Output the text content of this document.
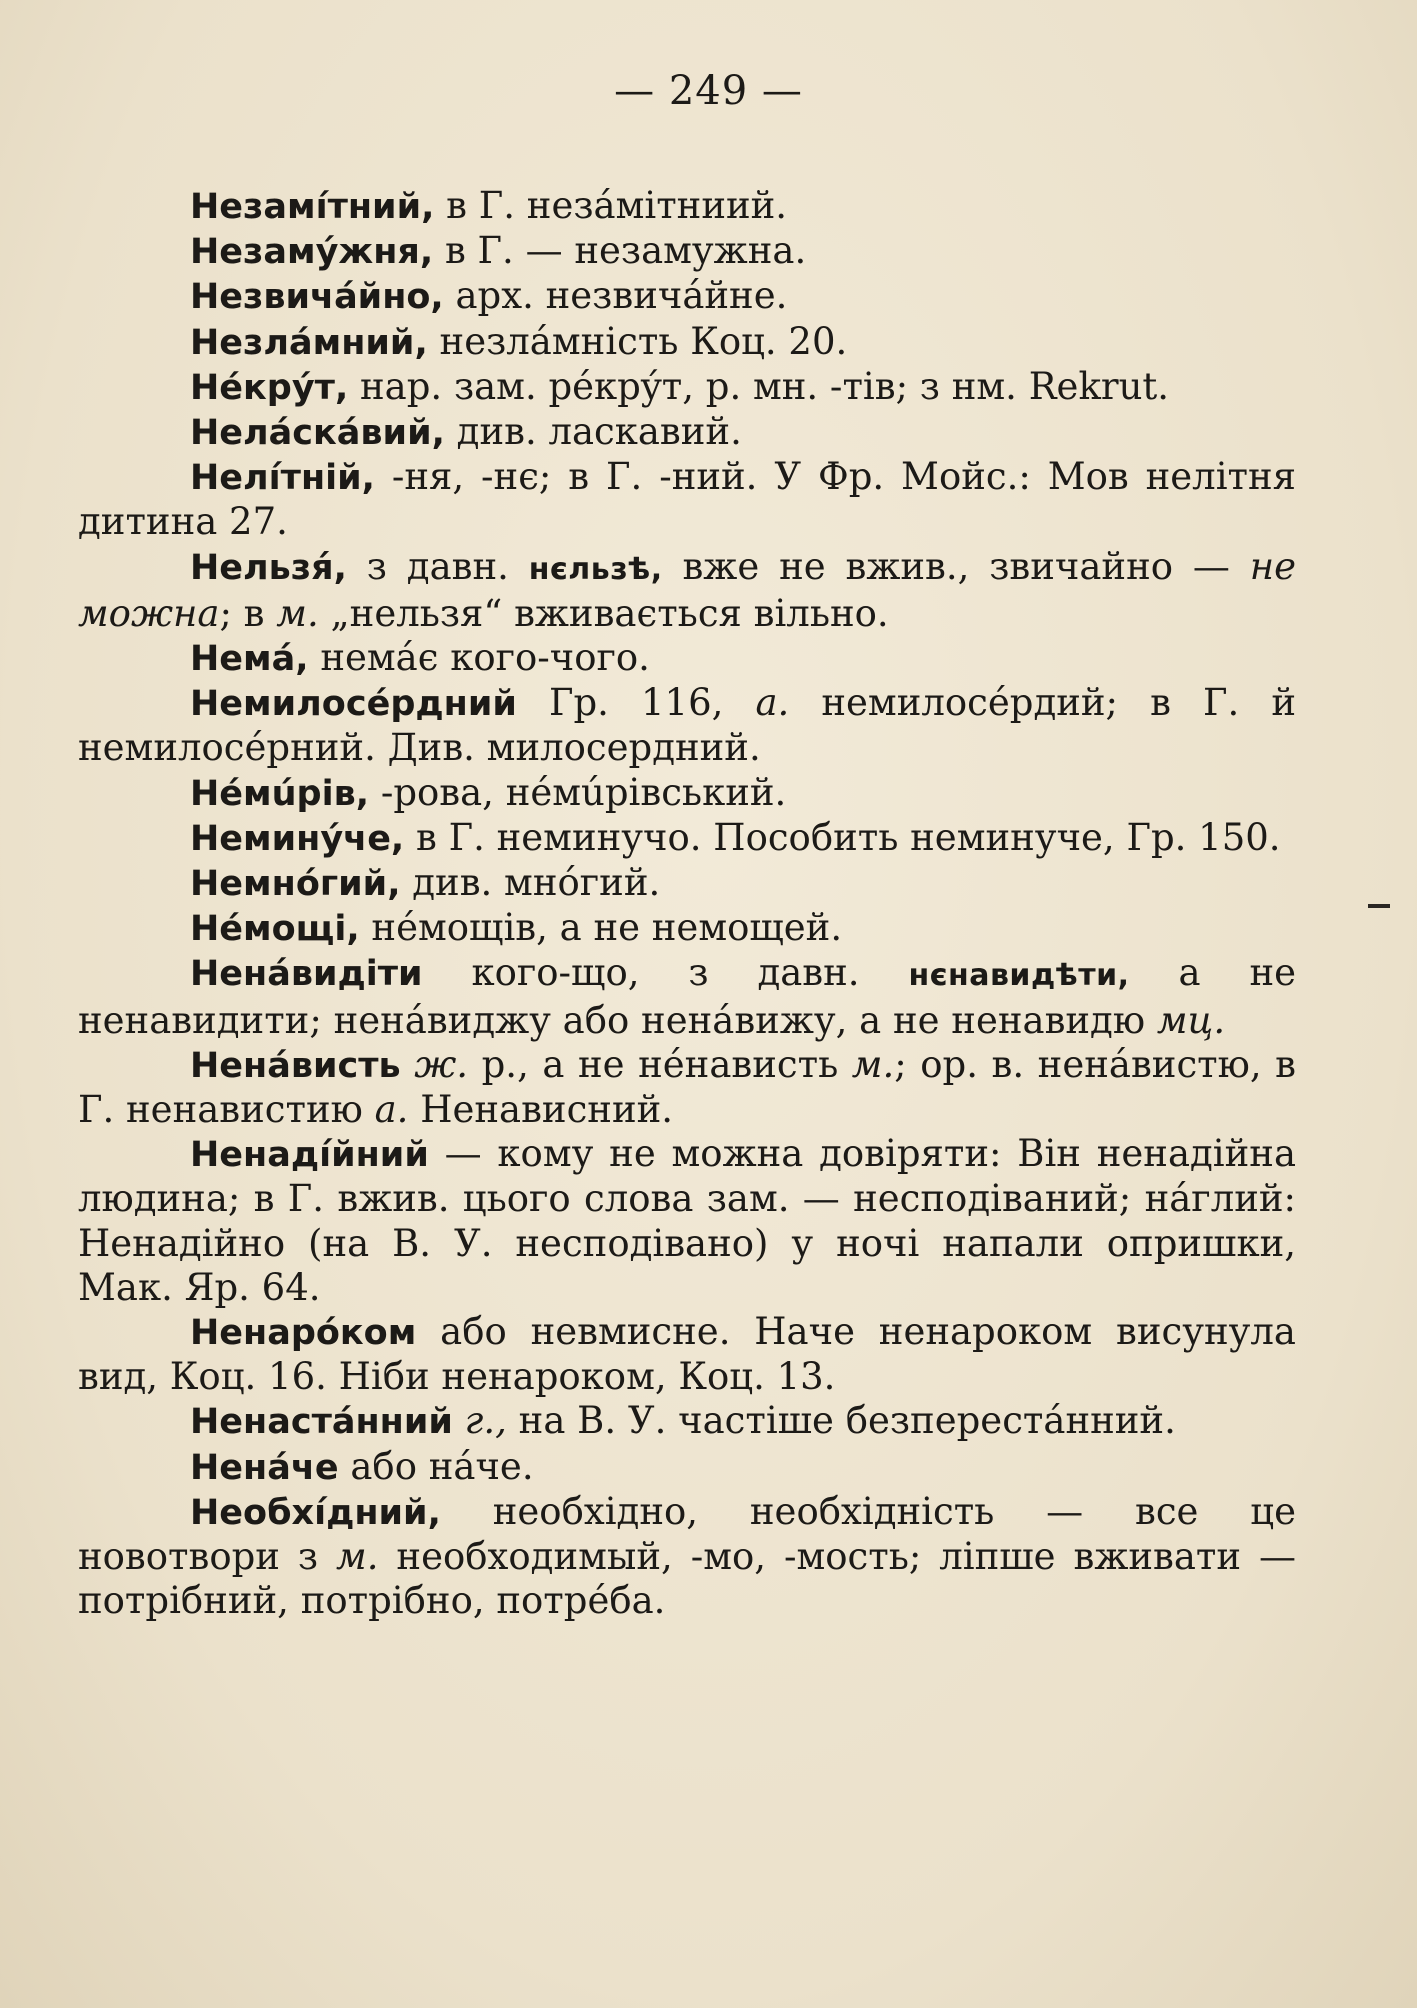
— 249 —

Незамíтний, в Г. незáмітниий.

Незамýжня, в Г. — незамужна.

Незвичáйно, арх. незвичáйне.

Незлáмний, незлáмність Коц. 20.

Нéкрýт, нар. зам. рéкрýт, р. мн. -тів; з нм. Rekrut.

Нелáскáвий, див. ласкавий.

Нелíтній, -ня, -нє; в Г. -ний. У Фр. Мойс.: Мов нелітня дитина 27.

Нельзя́, з давн. нєльзѣ, вже не вжив., звичайно — не можна; в м. „нельзя“ вживається вільно.

Немá, немáє кого-чого.

Немилосéрдний Гр. 116, а. немилосéрдий; в Г. й немилосéрний. Див. милосердний.

Нéмúрів, -рова, нéмúрівський.

Неминýче, в Г. неминучо. Пособить неминуче, Гр. 150.

Немнóгий, див. мнóгий.

Нéмощі, нéмощів, а не немощей.

Ненáвидіти кого-що, з давн. нєнавидѣти, а не ненавидити; ненáвиджу або ненáвижу, а не ненавидю мц.

Ненáвисть ж. р., а не нéнависть м.; ор. в. ненáвистю, в Г. ненавистию а. Ненависний.

Ненадíйний — кому не можна довіряти: Він ненадійна людина; в Г. вжив. цього слова зам. — несподіваний; нáглий: Ненадійно (на В. У. несподівано) у ночі напали опришки, Мак. Яр. 64.

Ненарóком або невмисне. Наче ненароком висунула вид, Коц. 16. Ніби ненароком, Коц. 13.

Ненастáнний г., на В. У. частіше безперестáнний.

Ненáче або нáче.

Необхíдний, необхідно, необхідність — все це новотвори з м. необходимый, -мо, -мость; ліпше вживати — потрібний, потрібно, потрéба.
